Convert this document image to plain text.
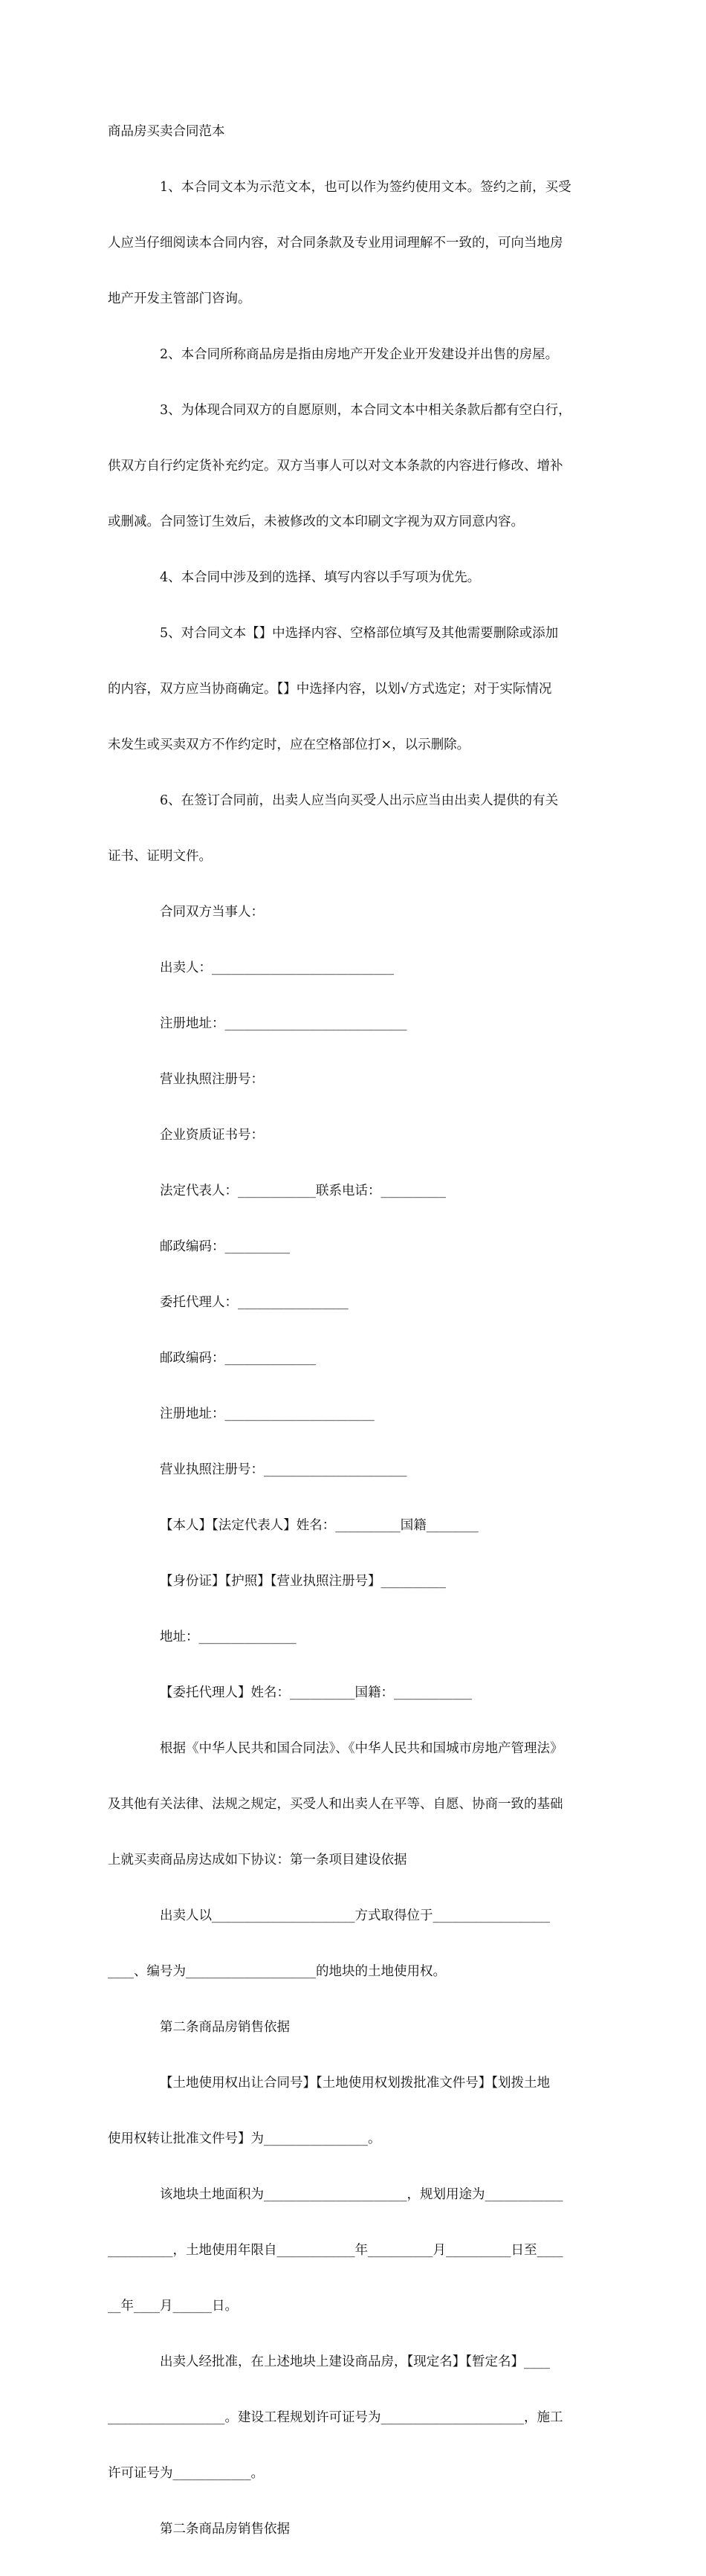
商品房买卖合同范本

1、本合同文本为示范文本，也可以作为签约使用文本。签约之前，买受

人应当仔细阅读本合同内容，对合同条款及专业用词理解不一致的，可向当地房

地产开发主管部门咨询。

2、本合同所称商品房是指由房地产开发企业开发建设并出售的房屋。

3、为体现合同双方的自愿原则，本合同文本中相关条款后都有空白行，

供双方自行约定货补充约定。双方当事人可以对文本条款的内容进行修改、增补

或删减。合同签订生效后，未被修改的文本印刷文字视为双方同意内容。

4、本合同中涉及到的选择、填写内容以手写项为优先。

5、对合同文本【】中选择内容、空格部位填写及其他需要删除或添加

的内容，双方应当协商确定。【】中选择内容，以划√方式选定；对于实际情况

未发生或买卖双方不作约定时，应在空格部位打×，以示删除。

6、在签订合同前，出卖人应当向买受人出示应当由出卖人提供的有关

证书、证明文件。

合同双方当事人：

出卖人：____________________________

注册地址：____________________________

营业执照注册号：

企业资质证书号：

法定代表人：____________联系电话：__________

邮政编码：__________

委托代理人：_________________

邮政编码：______________

注册地址：_______________________

营业执照注册号：______________________

【本人】【法定代表人】姓名：__________国籍________

【身份证】【护照】【营业执照注册号】__________

地址：_______________

【委托代理人】姓名：__________国籍：____________

根据《中华人民共和国合同法》、《中华人民共和国城市房地产管理法》

及其他有关法律、法规之规定，买受人和出卖人在平等、自愿、协商一致的基础

上就买卖商品房达成如下协议：第一条项目建设依据

出卖人以______________________方式取得位于__________________

____、编号为____________________的地块的土地使用权。

第二条商品房销售依据

【土地使用权出让合同号】【土地使用权划拨批准文件号】【划拨土地

使用权转让批准文件号】为________________。

该地块土地面积为______________________，规划用途为____________

__________，土地使用年限自____________年__________月__________日至____

__年____月______日。

出卖人经批准，在上述地块上建设商品房，【现定名】【暂定名】____

__________________。建设工程规划许可证号为______________________，施工

许可证号为____________。

第二条商品房销售依据
